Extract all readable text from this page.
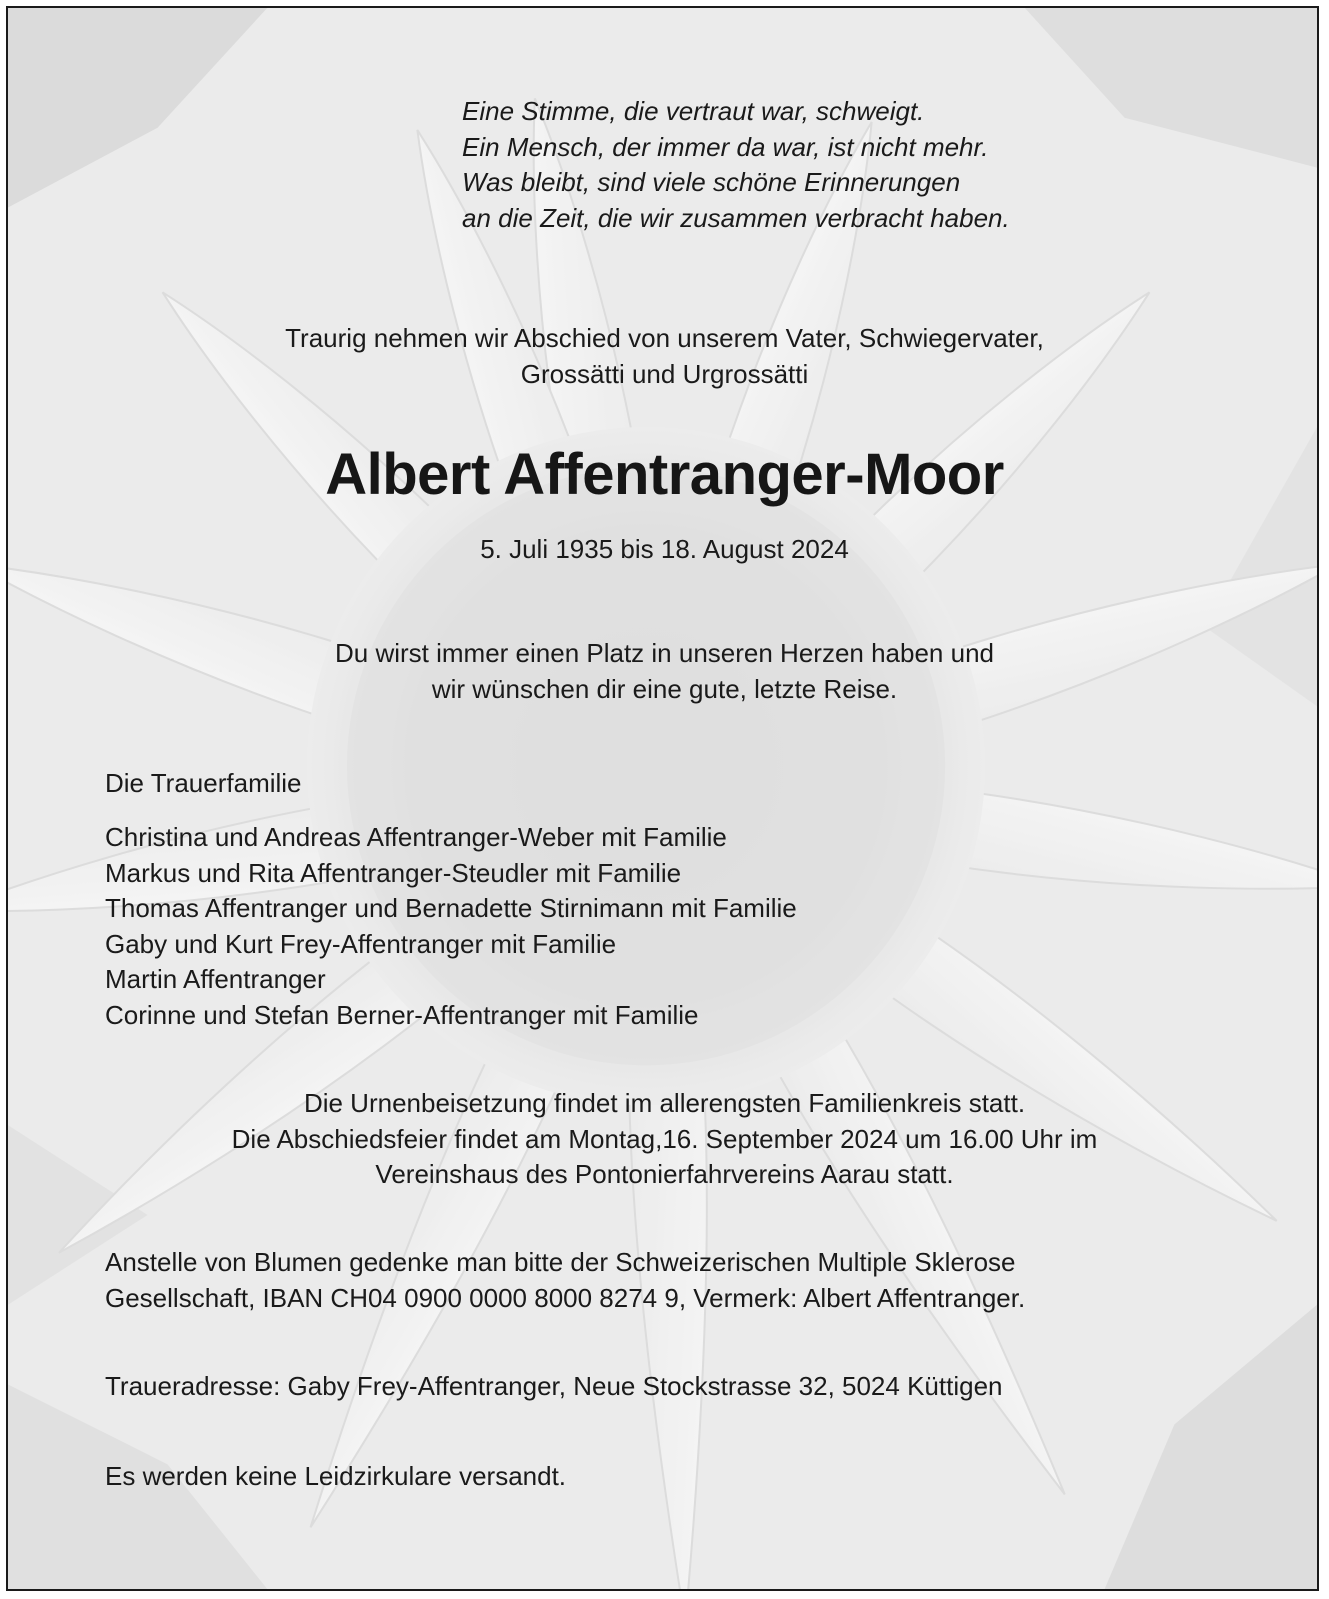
Eine Stimme, die vertraut war, schweigt.
Ein Mensch, der immer da war, ist nicht mehr.
Was bleibt, sind viele schöne Erinnerungen
an die Zeit, die wir zusammen verbracht haben.
Traurig nehmen wir Abschied von unserem Vater, Schwiegervater,
Grossätti und Urgrossätti
Albert Affentranger-Moor
5. Juli 1935 bis 18. August 2024
Du wirst immer einen Platz in unseren Herzen haben und
wir wünschen dir eine gute, letzte Reise.
Die Trauerfamilie
Christina und Andreas Affentranger-Weber mit Familie
Markus und Rita Affentranger-Steudler mit Familie
Thomas Affentranger und Bernadette Stirnimann mit Familie
Gaby und Kurt Frey-Affentranger mit Familie
Martin Affentranger
Corinne und Stefan Berner-Affentranger mit Familie
Die Urnenbeisetzung findet im allerengsten Familienkreis statt.
Die Abschiedsfeier findet am Montag,16. September 2024 um 16.00 Uhr im
Vereinshaus des Pontonierfahrvereins Aarau statt.
Anstelle von Blumen gedenke man bitte der Schweizerischen Multiple Sklerose
Gesellschaft, IBAN CH04 0900 0000 8000 8274 9, Vermerk: Albert Affentranger.
Traueradresse: Gaby Frey-Affentranger, Neue Stockstrasse 32, 5024 Küttigen
Es werden keine Leidzirkulare versandt.
